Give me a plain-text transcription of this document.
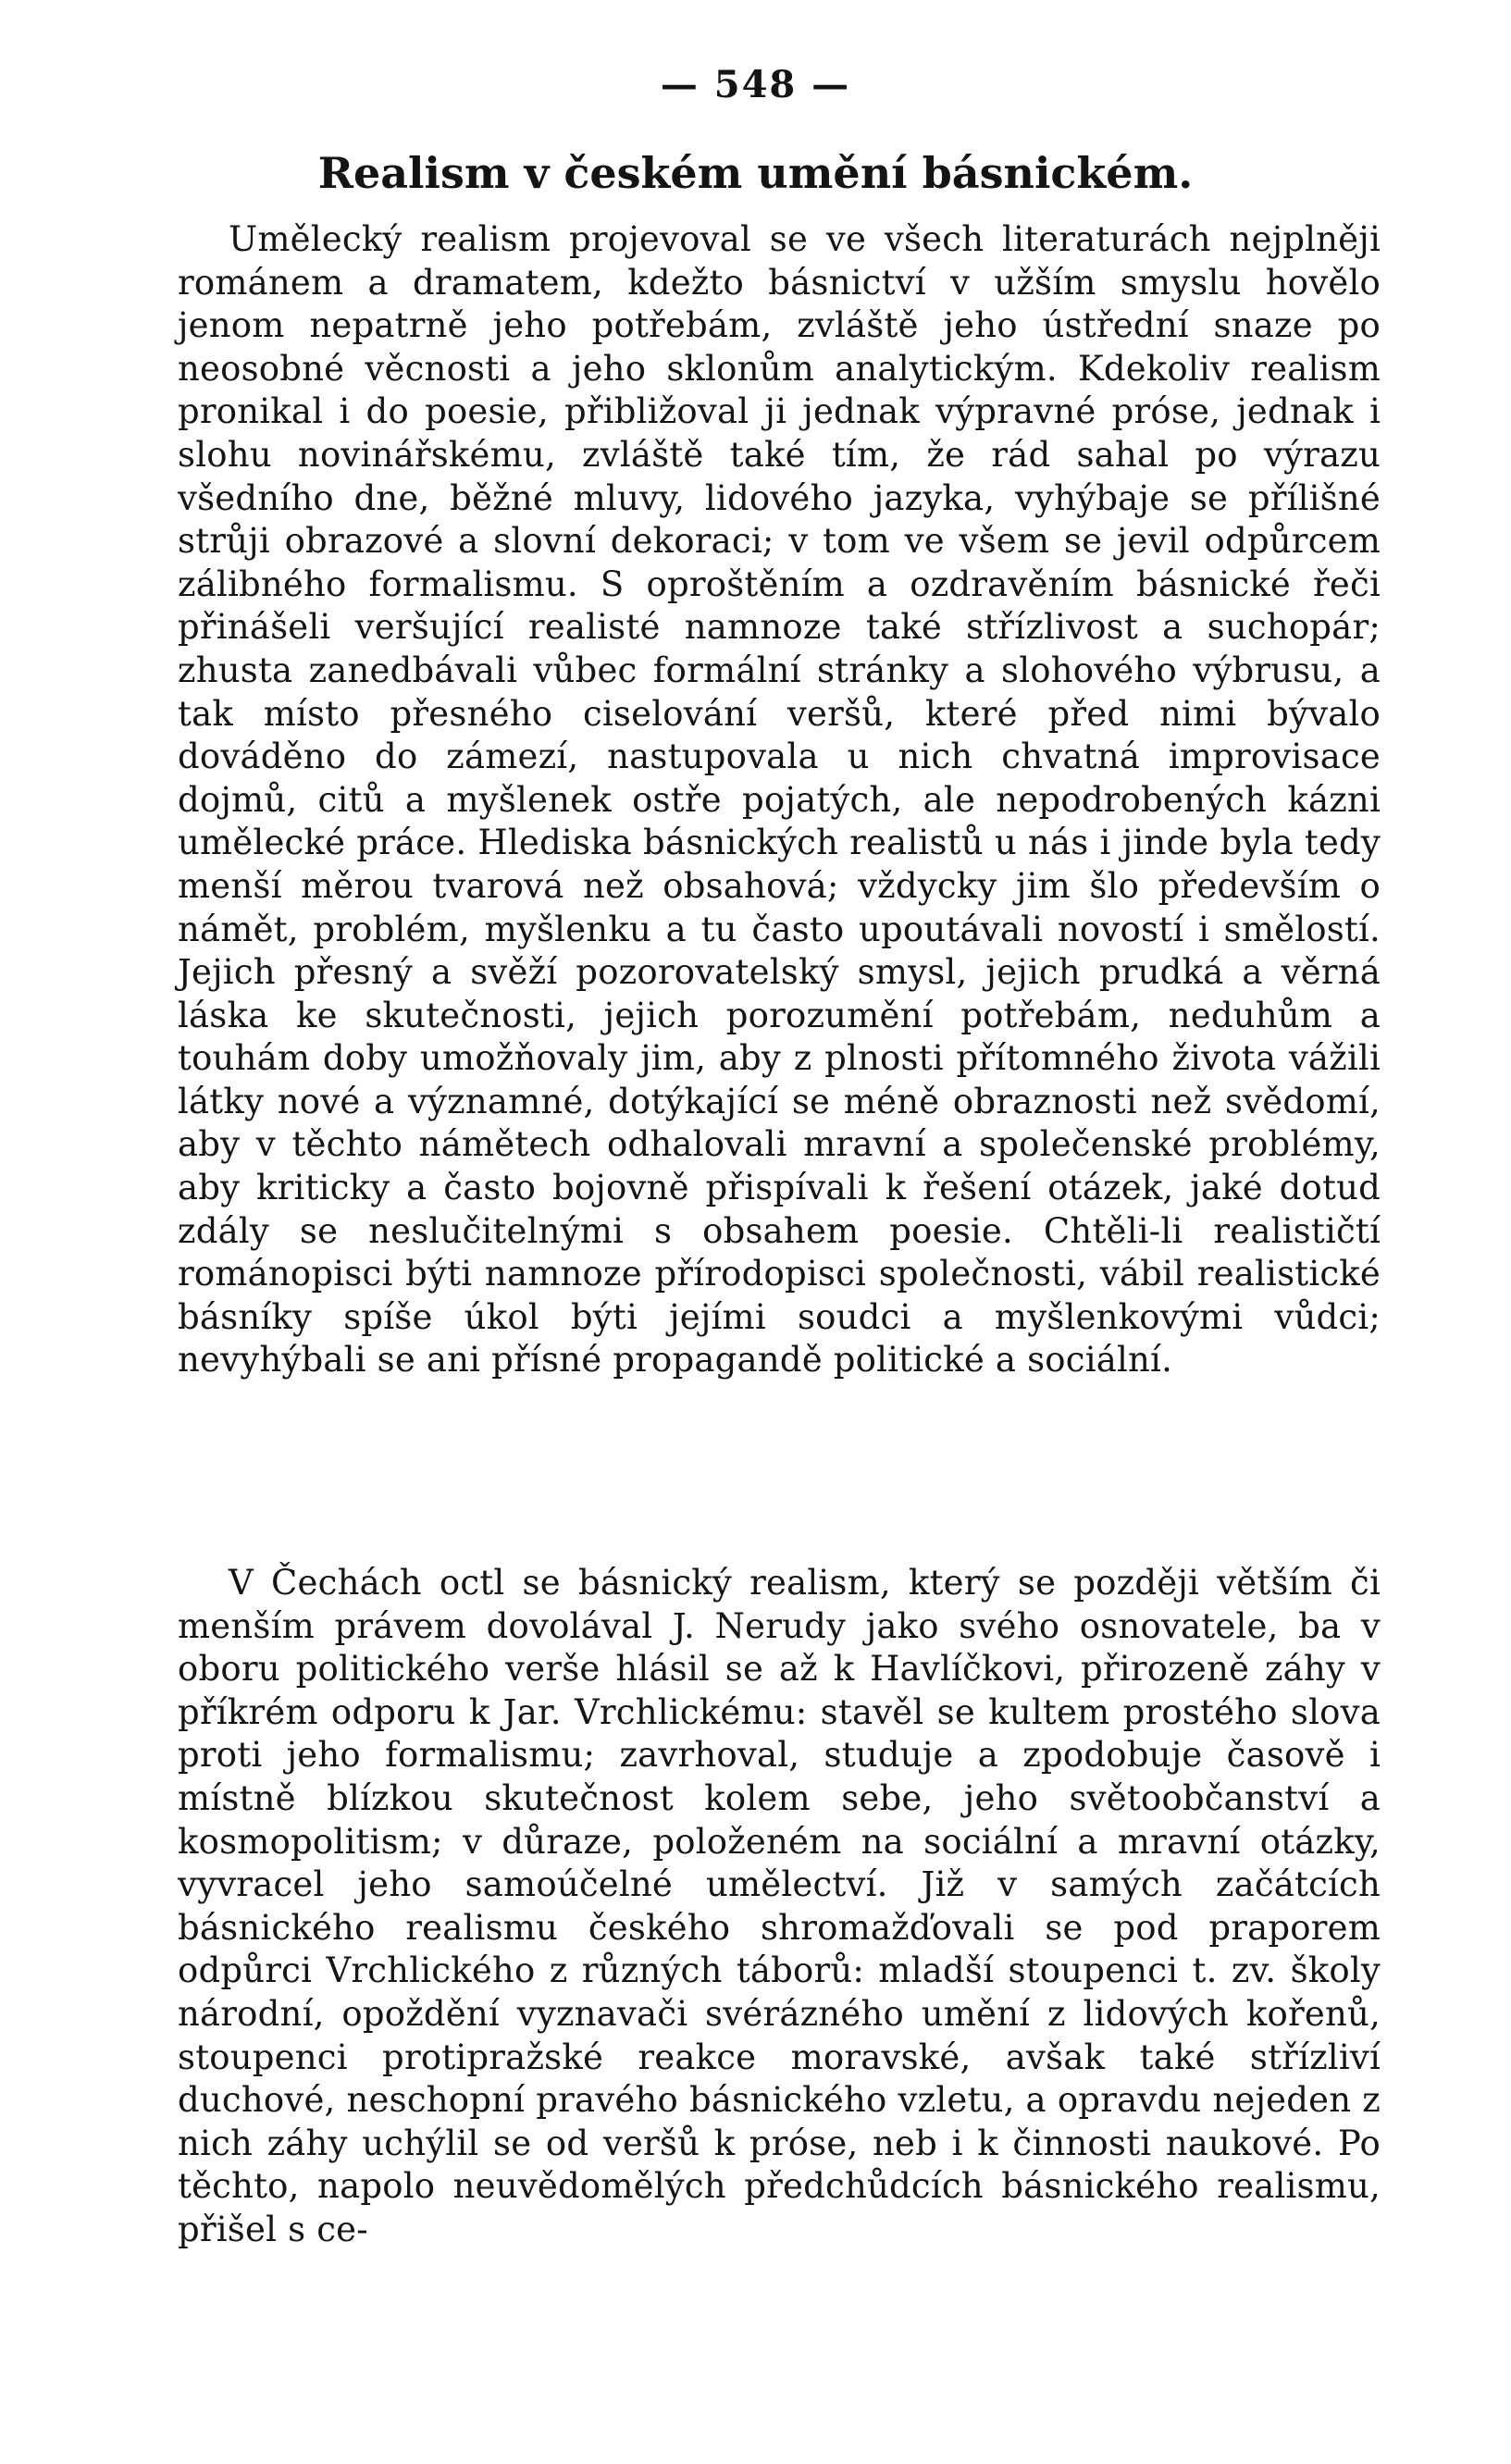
— 548 —
Realism v českém umění básnickém.

Umělecký realism projevoval se ve všech literaturách nejplněji románem a dramatem, kdežto básnictví v užším smyslu hovělo jenom nepatrně jeho potřebám, zvláště jeho ústřední snaze po neosobné věcnosti a jeho sklonům analytickým. Kdekoliv realism pronikal i do poesie, přibližoval ji jednak výpravné próse, jednak i slohu novinářskému, zvláště také tím, že rád sahal po výrazu všedního dne, běžné mluvy, lidového jazyka, vyhýbaje se přílišné strůji obrazové a slovní dekoraci; v tom ve všem se jevil odpůrcem zálibného formalismu. S oproštěním a ozdravěním básnické řeči přinášeli veršující realisté namnoze také střízlivost a suchopár; zhusta zanedbávali vůbec formální stránky a slohového výbrusu, a tak místo přesného ciselování veršů, které před nimi bývalo dováděno do zámezí, nastupovala u nich chvatná improvisace dojmů, citů a myšlenek ostře pojatých, ale nepodrobených kázni umělecké práce. Hlediska básnických realistů u nás i jinde byla tedy menší měrou tvarová než obsahová; vždycky jim šlo především o námět, problém, myšlenku a tu často upoutávali novostí i smělostí. Jejich přesný a svěží pozorovatelský smysl, jejich prudká a věrná láska ke skutečnosti, jejich porozumění potřebám, neduhům a touhám doby umožňovaly jim, aby z plnosti přítomného života vážili látky nové a významné, dotýkající se méně obraznosti než svědomí, aby v těchto námětech odhalovali mravní a společenské problémy, aby kriticky a často bojovně přispívali k řešení otázek, jaké dotud zdály se neslučitelnými s obsahem poesie. Chtěli-li realističtí románopisci býti namnoze přírodopisci společnosti, vábil realistické básníky spíše úkol býti jejími soudci a myšlenkovými vůdci; nevyhýbali se ani přísné propagandě politické a sociální.

V Čechách octl se básnický realism, který se později větším či menším právem dovolával J. Nerudy jako svého osnovatele, ba v oboru politického verše hlásil se až k Havlíčkovi, přirozeně záhy v příkrém odporu k Jar. Vrchlickému: stavěl se kultem prostého slova proti jeho formalismu; zavrhoval, studuje a zpodobuje časově i místně blízkou skutečnost kolem sebe, jeho světoobčanství a kosmopolitism; v důraze, položeném na sociální a mravní otázky, vyvracel jeho samoúčelné umělectví. Již v samých začátcích básnického realismu českého shromažďovali se pod praporem odpůrci Vrchlického z různých táborů: mladší stoupenci t. zv. školy národní, opoždění vyznavači svérázného umění z lidových kořenů, stoupenci protipražské reakce moravské, avšak také střízliví duchové, neschopní pravého básnického vzletu, a opravdu nejeden z nich záhy uchýlil se od veršů k próse, neb i k činnosti naukové. Po těchto, napolo neuvědomělých předchůdcích básnického realismu, přišel s ce-
